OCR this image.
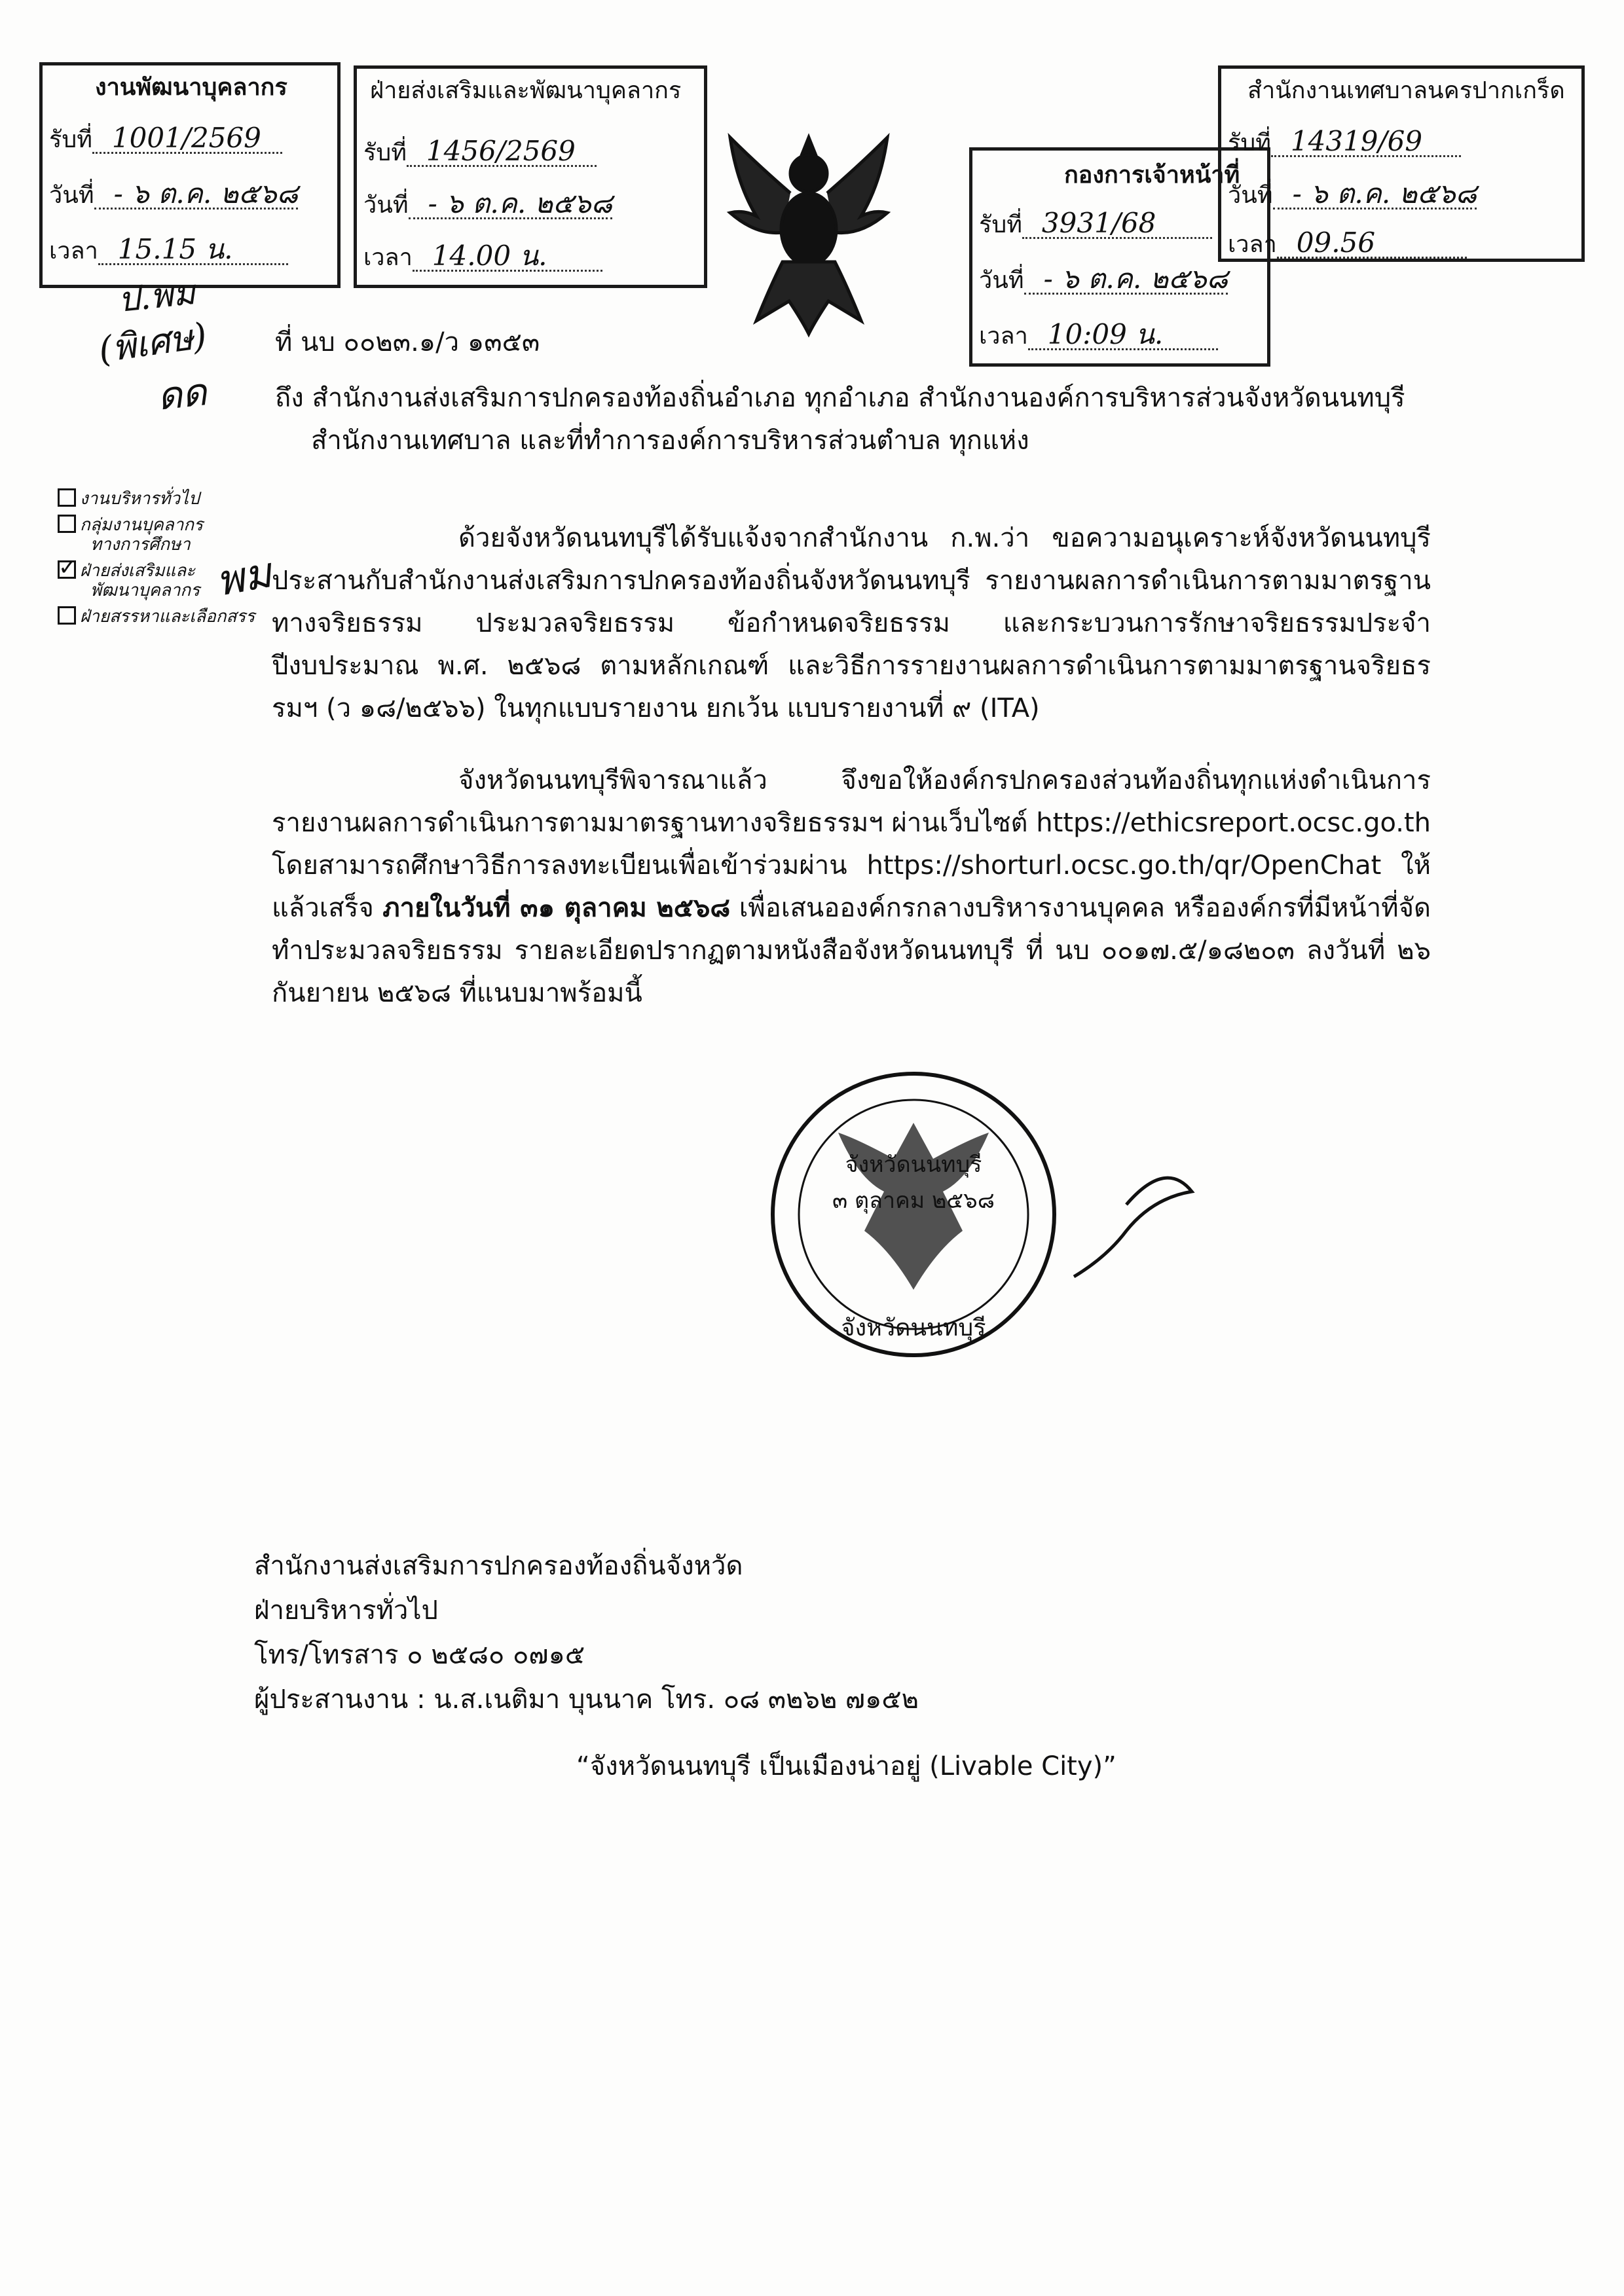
งานพัฒนาบุคลากร
รับที่ 1001/2569
วันที่ - ๖ ต.ค. ๒๕๖๘
เวลา 15.15 น.
ฝ่ายส่งเสริมและพัฒนาบุคลากร
รับที่ 1456/2569
วันที่ - ๖ ต.ค. ๒๕๖๘
เวลา 14.00 น.
กองการเจ้าหน้าที่
รับที่ 3931/68
วันที่ - ๖ ต.ค. ๒๕๖๘
เวลา 10:09 น.
สำนักงานเทศบาลนครปากเกร็ด
รับที่ 14319/69
วันที่ - ๖ ต.ค. ๒๕๖๘
เวลา 09.56
ป.พม
(พิเศษ)
ดด
ที่ นบ ๐๐๒๓.๑/ว ๑๓๕๓
ถึง สำนักงานส่งเสริมการปกครองท้องถิ่นอำเภอ ทุกอำเภอ สำนักงานองค์การบริหารส่วนจังหวัดนนทบุรี
สำนักงานเทศบาล และที่ทำการองค์การบริหารส่วนตำบล ทุกแห่ง
งานบริหารทั่วไป
กลุ่มงานบุคลากร
ทางการศึกษา
✓ฝ่ายส่งเสริมและ
พัฒนาบุคลากร
ฝ่ายสรรหาและเลือกสรร
พม
ด้วยจังหวัดนนทบุรีได้รับแจ้งจากสำนักงาน ก.พ.ว่า ขอความอนุเคราะห์จังหวัดนนทบุรี ประสานกับสำนักงานส่งเสริมการปกครองท้องถิ่นจังหวัดนนทบุรี รายงานผลการดำเนินการตามมาตรฐานทางจริยธรรม ประมวลจริยธรรม ข้อกำหนดจริยธรรม และกระบวนการรักษาจริยธรรมประจำปีงบประมาณ พ.ศ. ๒๕๖๘ ตามหลักเกณฑ์ และวิธีการรายงานผลการดำเนินการตามมาตรฐานจริยธรรมฯ (ว ๑๘/๒๕๖๖) ในทุกแบบรายงาน ยกเว้น แบบรายงานที่ ๙ (ITA)
จังหวัดนนทบุรีพิจารณาแล้ว จึงขอให้องค์กรปกครองส่วนท้องถิ่นทุกแห่งดำเนินการรายงานผลการดำเนินการตามมาตรฐานทางจริยธรรมฯ ผ่านเว็บไซต์ https://ethicsreport.ocsc.go.th โดยสามารถศึกษาวิธีการลงทะเบียนเพื่อเข้าร่วมผ่าน https://shorturl.ocsc.go.th/qr/OpenChat ให้แล้วเสร็จ ภายในวันที่ ๓๑ ตุลาคม ๒๕๖๘ เพื่อเสนอองค์กรกลางบริหารงานบุคคล หรือองค์กรที่มีหน้าที่จัดทำประมวลจริยธรรม รายละเอียดปรากฏตามหนังสือจังหวัดนนทบุรี ที่ นบ ๐๐๑๗.๕/๑๘๒๐๓ ลงวันที่ ๒๖ กันยายน ๒๕๖๘ ที่แนบมาพร้อมนี้
จังหวัดนนทบุรี
๓ ตุลาคม ๒๕๖๘
จังหวัดนนทบุรี
สำนักงานส่งเสริมการปกครองท้องถิ่นจังหวัด
ฝ่ายบริหารทั่วไป
โทร/โทรสาร ๐ ๒๕๘๐ ๐๗๑๕
ผู้ประสานงาน : น.ส.เนติมา บุนนาค โทร. ๐๘ ๓๒๖๒ ๗๑๕๒
“จังหวัดนนทบุรี เป็นเมืองน่าอยู่ (Livable City)”
